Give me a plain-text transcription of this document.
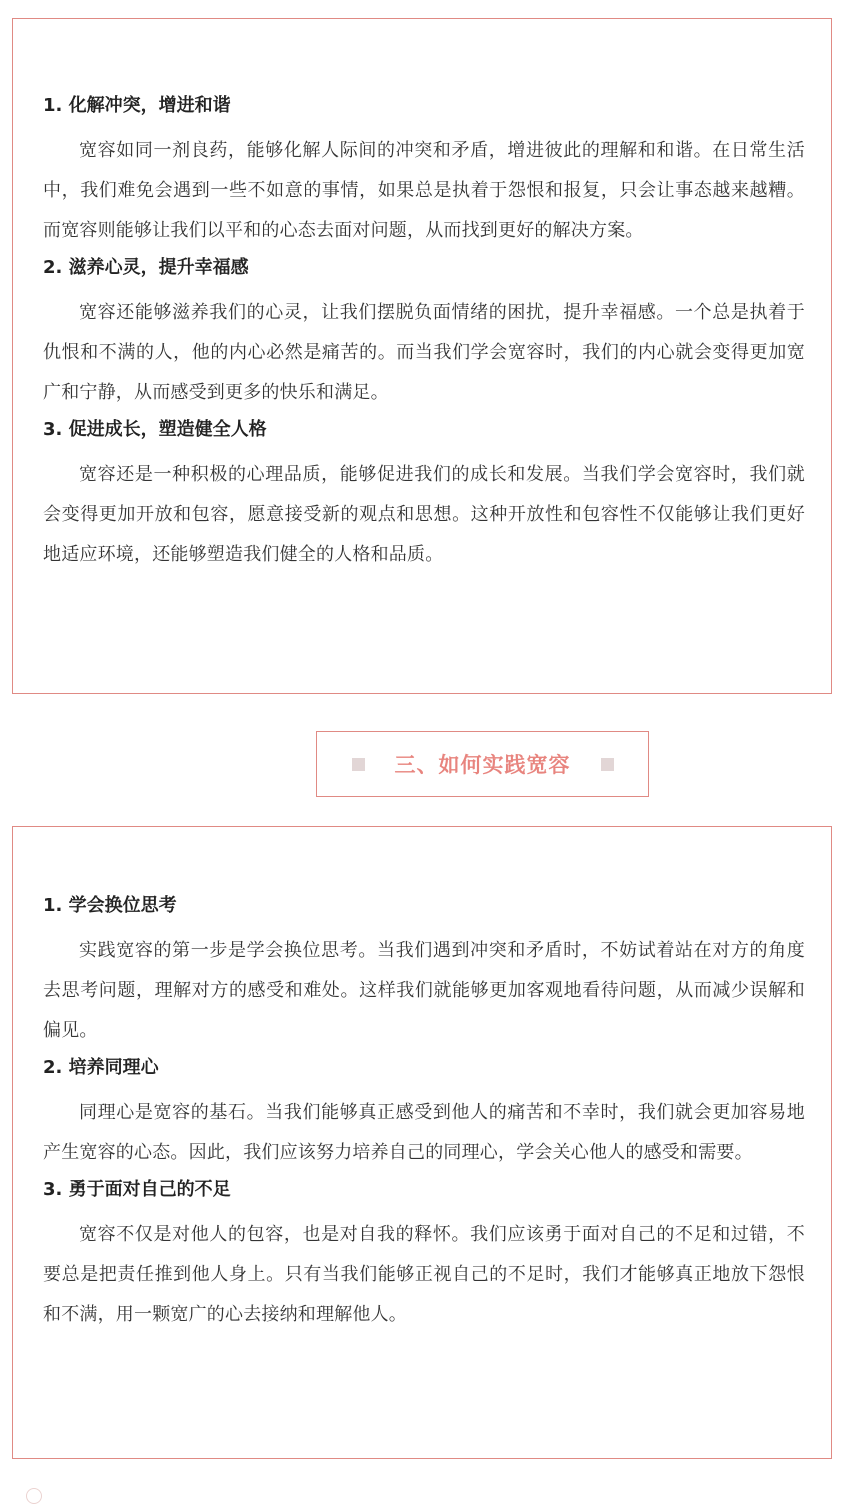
1. 化解冲突，增进和谐

宽容如同一剂良药，能够化解人际间的冲突和矛盾，增进彼此的理解和和谐。在日常生活中，我们难免会遇到一些不如意的事情，如果总是执着于怨恨和报复，只会让事态越来越糟。而宽容则能够让我们以平和的心态去面对问题，从而找到更好的解决方案。

2. 滋养心灵，提升幸福感

宽容还能够滋养我们的心灵，让我们摆脱负面情绪的困扰，提升幸福感。一个总是执着于仇恨和不满的人，他的内心必然是痛苦的。而当我们学会宽容时，我们的内心就会变得更加宽广和宁静，从而感受到更多的快乐和满足。

3. 促进成长，塑造健全人格

宽容还是一种积极的心理品质，能够促进我们的成长和发展。当我们学会宽容时，我们就会变得更加开放和包容，愿意接受新的观点和思想。这种开放性和包容性不仅能够让我们更好地适应环境，还能够塑造我们健全的人格和品质。

三、如何实践宽容
1. 学会换位思考

实践宽容的第一步是学会换位思考。当我们遇到冲突和矛盾时，不妨试着站在对方的角度去思考问题，理解对方的感受和难处。这样我们就能够更加客观地看待问题，从而减少误解和偏见。

2. 培养同理心

同理心是宽容的基石。当我们能够真正感受到他人的痛苦和不幸时，我们就会更加容易地产生宽容的心态。因此，我们应该努力培养自己的同理心，学会关心他人的感受和需要。

3. 勇于面对自己的不足

宽容不仅是对他人的包容，也是对自我的释怀。我们应该勇于面对自己的不足和过错，不要总是把责任推到他人身上。只有当我们能够正视自己的不足时，我们才能够真正地放下怨恨和不满，用一颗宽广的心去接纳和理解他人。
